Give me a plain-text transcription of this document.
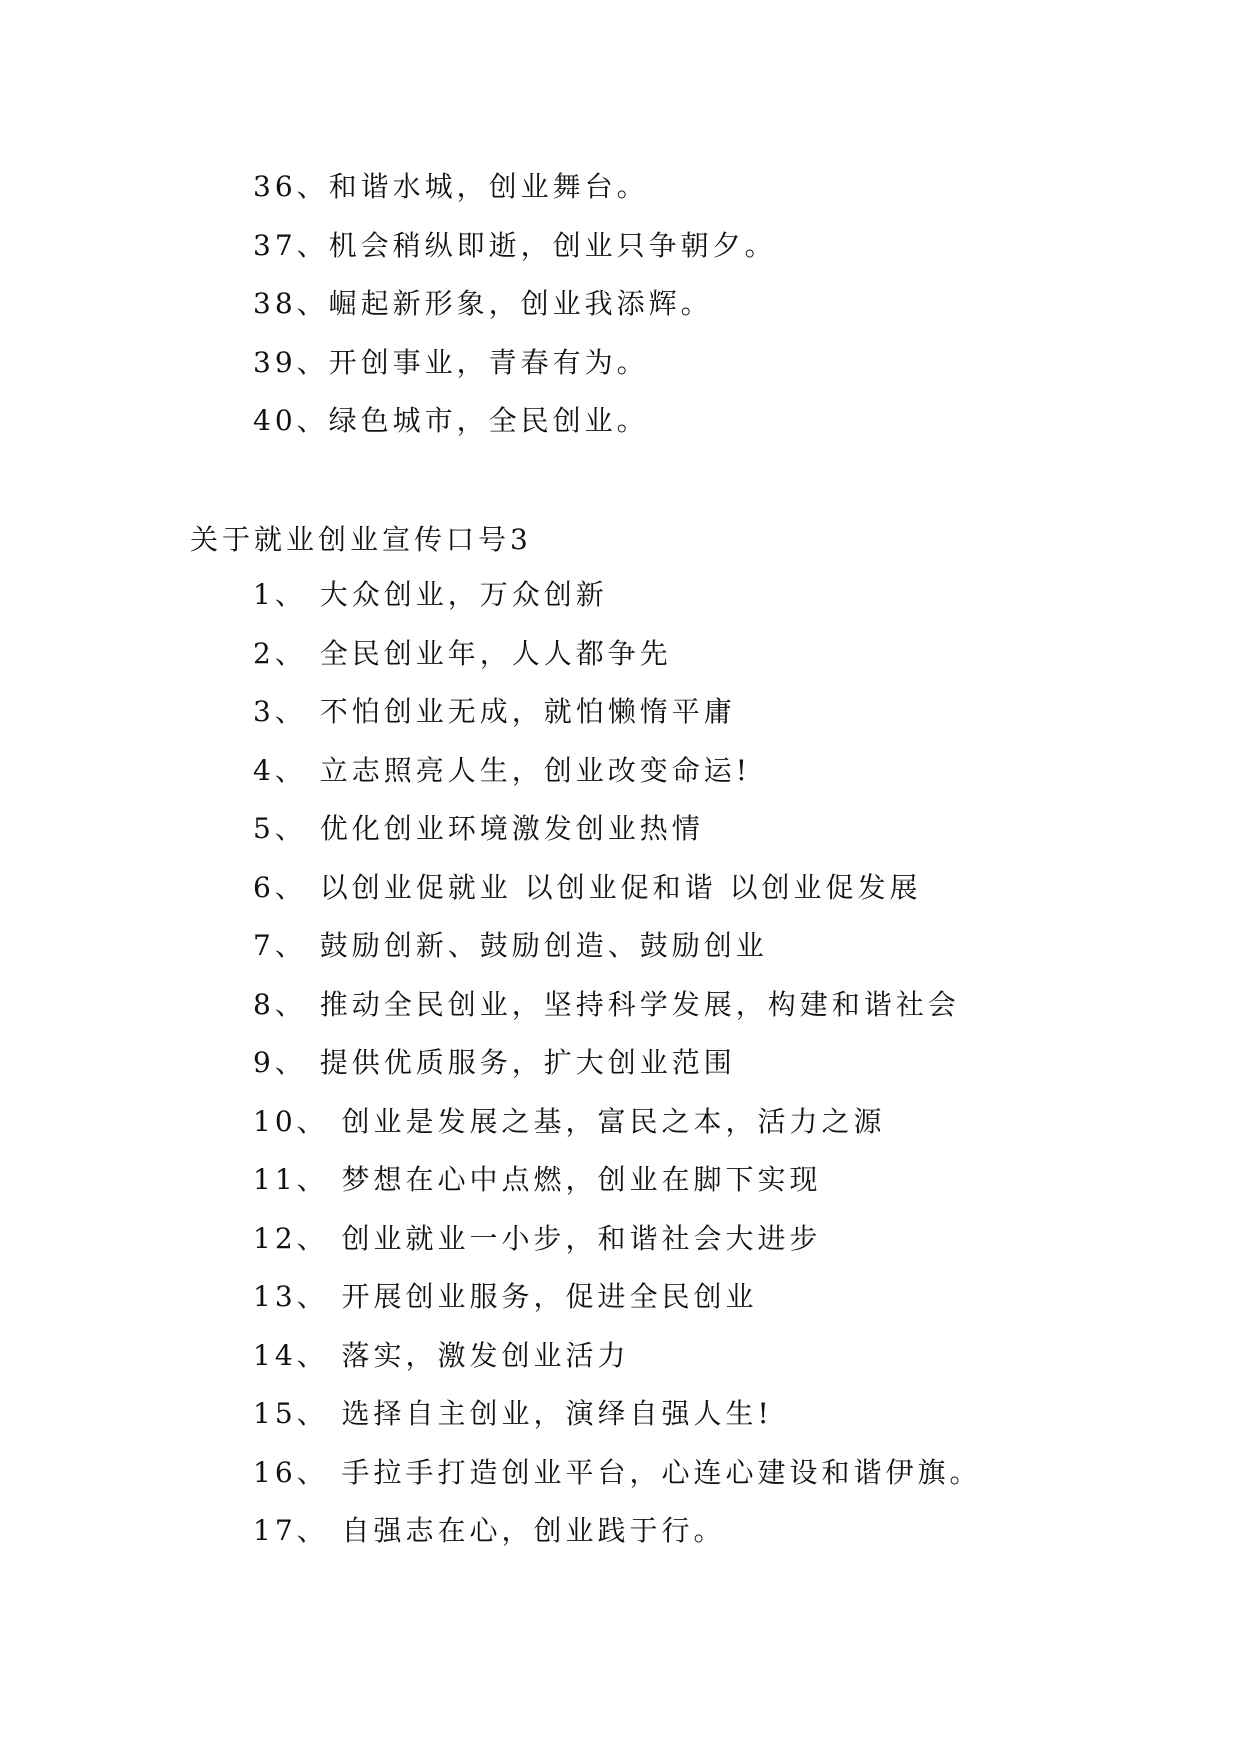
36、和谐水城，创业舞台。
37、机会稍纵即逝，创业只争朝夕。
38、崛起新形象，创业我添辉。
39、开创事业，青春有为。
40、绿色城市，全民创业。
关于就业创业宣传口号3
1、 大众创业，万众创新
2、 全民创业年，人人都争先
3、 不怕创业无成，就怕懒惰平庸
4、 立志照亮人生，创业改变命运!
5、 优化创业环境激发创业热情
6、 以创业促就业 以创业促和谐 以创业促发展
7、 鼓励创新、鼓励创造、鼓励创业
8、 推动全民创业，坚持科学发展，构建和谐社会
9、 提供优质服务，扩大创业范围
10、 创业是发展之基，富民之本，活力之源
11、 梦想在心中点燃，创业在脚下实现
12、 创业就业一小步，和谐社会大进步
13、 开展创业服务，促进全民创业
14、 落实，激发创业活力
15、 选择自主创业，演绎自强人生!
16、 手拉手打造创业平台，心连心建设和谐伊旗。
17、 自强志在心，创业践于行。
